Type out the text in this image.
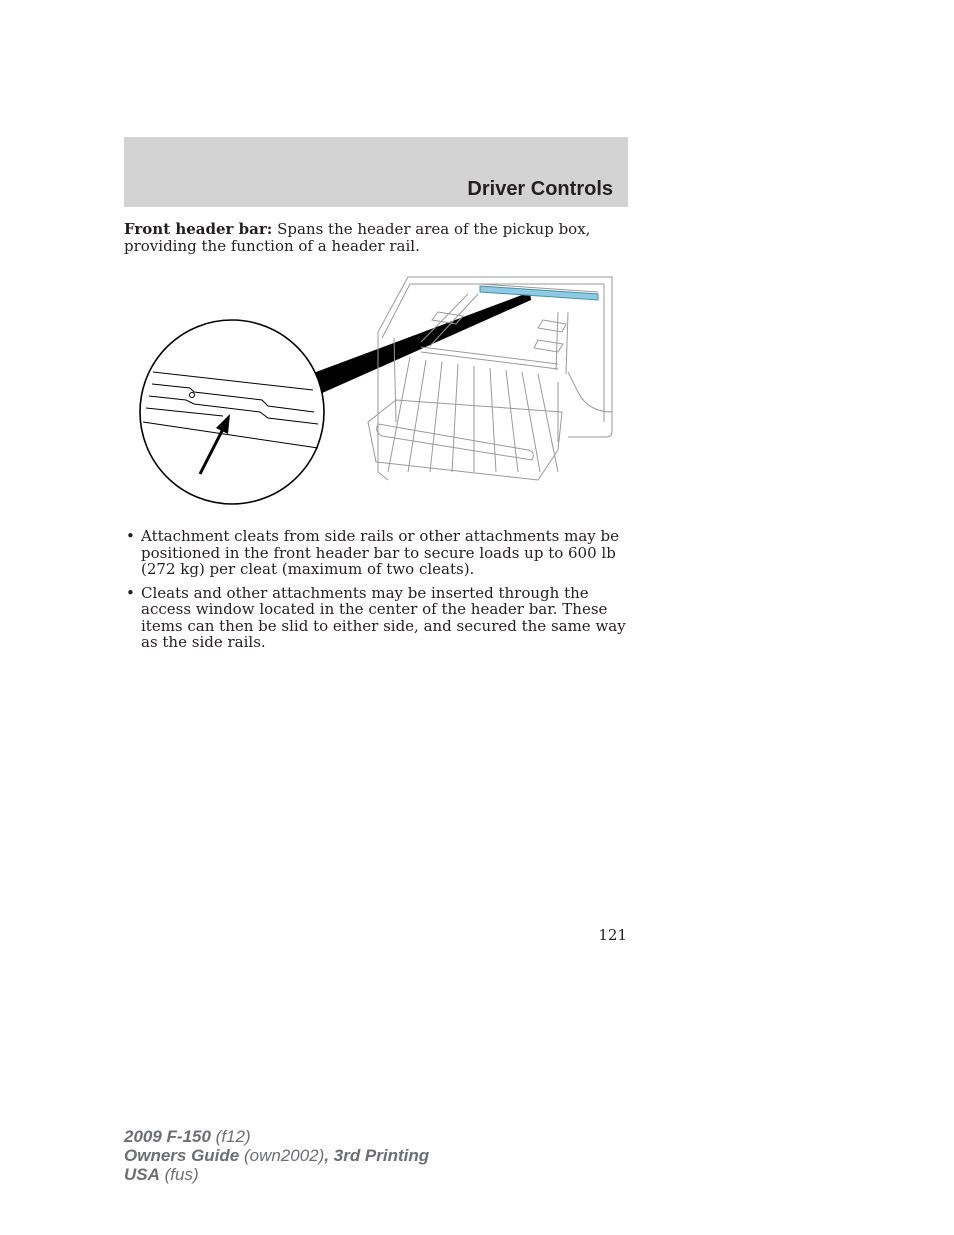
Driver Controls

Front header bar: Spans the header area of the pickup box, providing the function of a header rail.

• Attachment cleats from side rails or other attachments may be positioned in the front header bar to secure loads up to 600 lb (272 kg) per cleat (maximum of two cleats).
• Cleats and other attachments may be inserted through the access window located in the center of the header bar. These items can then be slid to either side, and secured the same way as the side rails.
121
2009 F-150 (f12)
Owners Guide (own2002), 3rd Printing
USA (fus)
